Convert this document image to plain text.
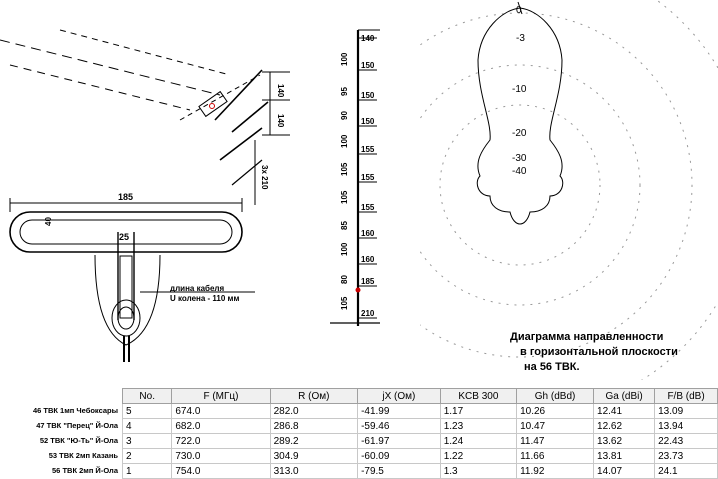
140
140
3x 210
185
40
25
длина кабеля
U колена - 110 мм
140
150
150
150
155
155
155
160
160
185
210
100
95
90
100
105
105
85
100
80
105
0
-3
-10
-20
-30
-40
Диаграмма направленности
в горизонтальной плоскости
на 56 ТВК.
46 ТВК 1мп Чебоксары
47 ТВК "Перец" Й-Ола
52 ТВК "Ю-Ть" Й-Ола
53 ТВК 2мп Казань
56 ТВК 2мп Й-Ола
No.	F (МГц)	R (Ом)	jX (Ом)	KCB 300	Gh (dBd)	Ga (dBi)	F/B (dB)
5	674.0	282.0	-41.99	1.17	10.26	12.41	13.09
4	682.0	286.8	-59.46	1.23	10.47	12.62	13.94
3	722.0	289.2	-61.97	1.24	11.47	13.62	22.43
2	730.0	304.9	-60.09	1.22	11.66	13.81	23.73
1	754.0	313.0	-79.5	1.3	11.92	14.07	24.1
